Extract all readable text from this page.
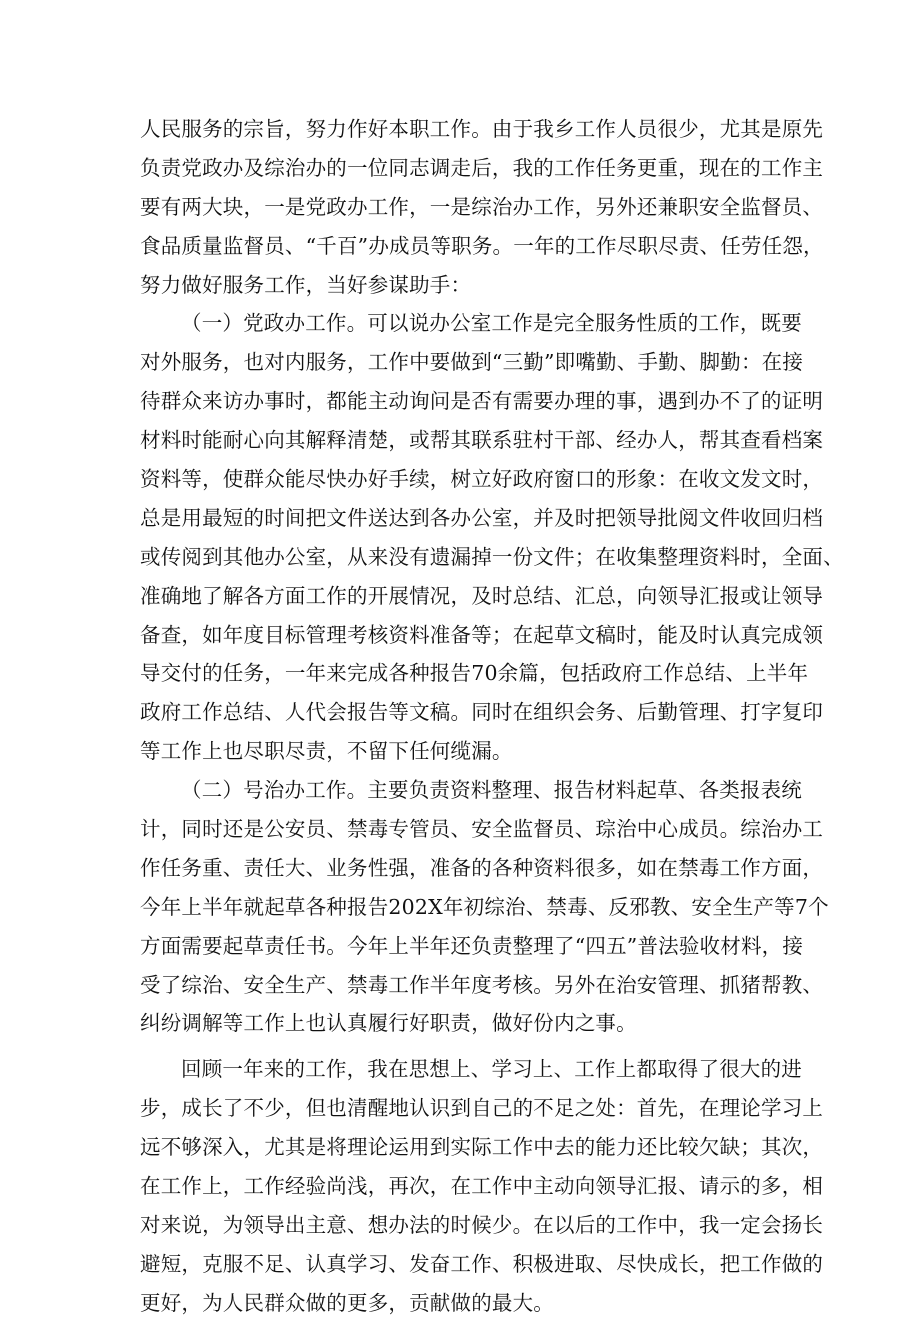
人民服务的宗旨，努力作好本职工作。由于我乡工作人员很少，尤其是原先
负责党政办及综治办的一位同志调走后，我的工作任务更重，现在的工作主
要有两大块，一是党政办工作，一是综治办工作，另外还兼职安全监督员、
食品质量监督员、“千百”办成员等职务。一年的工作尽职尽责、任劳任怨，
努力做好服务工作，当好参谋助手：
（一）党政办工作。可以说办公室工作是完全服务性质的工作，既要
对外服务，也对内服务，工作中要做到“三勤”即嘴勤、手勤、脚勤：在接
待群众来访办事时，都能主动询问是否有需要办理的事，遇到办不了的证明
材料时能耐心向其解释清楚，或帮其联系驻村干部、经办人，帮其查看档案
资料等，使群众能尽快办好手续，树立好政府窗口的形象：在收文发文时，
总是用最短的时间把文件送达到各办公室，并及时把领导批阅文件收回归档
或传阅到其他办公室，从来没有遗漏掉一份文件；在收集整理资料时，全面、
准确地了解各方面工作的开展情况，及时总结、汇总，向领导汇报或让领导
备查，如年度目标管理考核资料准备等；在起草文稿时，能及时认真完成领
导交付的任务，一年来完成各种报告70余篇，包括政府工作总结、上半年
政府工作总结、人代会报告等文稿。同时在组织会务、后勤管理、打字复印
等工作上也尽职尽责，不留下任何缆漏。
（二）号治办工作。主要负责资料整理、报告材料起草、各类报表统
计，同时还是公安员、禁毒专管员、安全监督员、琮治中心成员。综治办工
作任务重、责任大、业务性强，准备的各种资料很多，如在禁毒工作方面，
今年上半年就起草各种报告202X年初综治、禁毒、反邪教、安全生产等7个
方面需要起草责任书。今年上半年还负责整理了“四五”普法验收材料，接
受了综治、安全生产、禁毒工作半年度考核。另外在治安管理、抓猪帮教、
纠纷调解等工作上也认真履行好职责，做好份内之事。
回顾一年来的工作，我在思想上、学习上、工作上都取得了很大的进
步，成长了不少，但也清醒地认识到自己的不足之处：首先，在理论学习上
远不够深入，尤其是将理论运用到实际工作中去的能力还比较欠缺；其次，
在工作上，工作经验尚浅，再次，在工作中主动向领导汇报、请示的多，相
对来说，为领导出主意、想办法的时候少。在以后的工作中，我一定会扬长
避短，克服不足、认真学习、发奋工作、积极进取、尽快成长，把工作做的
更好，为人民群众做的更多，贡献做的最大。
